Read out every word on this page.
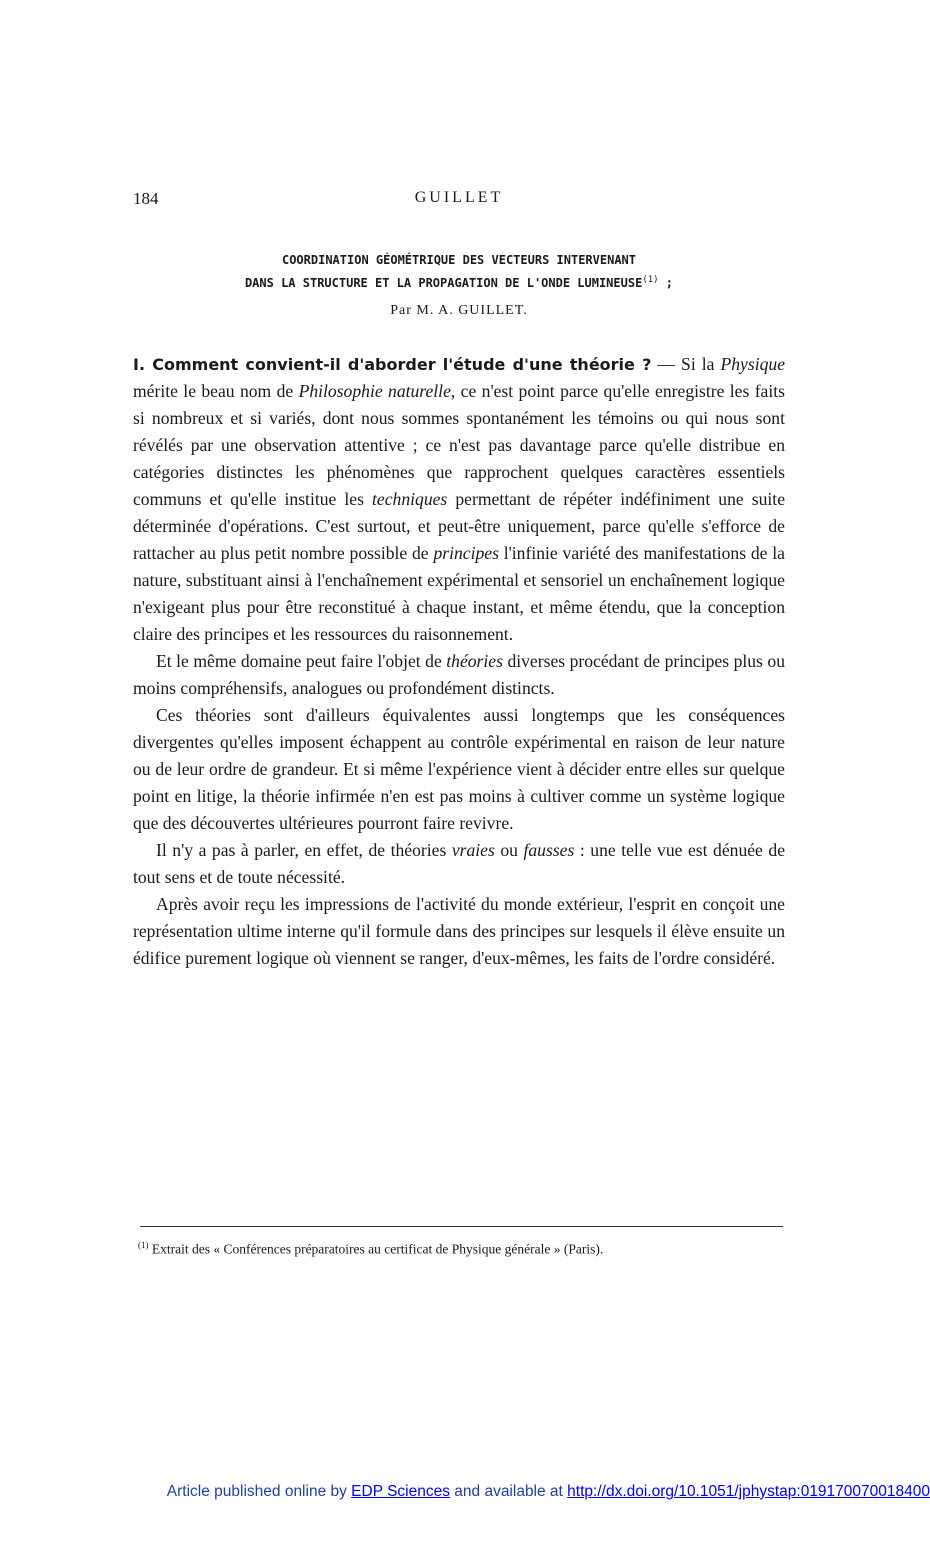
184	GUILLET
COORDINATION GÉOMÉTRIQUE DES VECTEURS INTERVENANT
DANS LA STRUCTURE ET LA PROPAGATION DE L'ONDE LUMINEUSE$^{(1)}$ ;
Par M. A. GUILLET.

I. Comment convient-il d'aborder l'étude d'une théorie ? — Si la Physique mérite le beau nom de Philosophie naturelle, ce n'est point parce qu'elle enregistre les faits si nombreux et si variés, dont nous sommes spontanément les témoins ou qui nous sont révélés par une observation attentive ; ce n'est pas davantage parce qu'elle distribue en catégories distinctes les phénomènes que rapprochent quelques caractères essentiels communs et qu'elle institue les techniques permettant de répéter indéfiniment une suite déterminée d'opérations. C'est surtout, et peut-être uniquement, parce qu'elle s'efforce de rattacher au plus petit nombre possible de principes l'infinie variété des manifestations de la nature, substituant ainsi à l'enchaînement expérimental et sensoriel un enchaînement logique n'exigeant plus pour être reconstitué à chaque instant, et même étendu, que la conception claire des principes et les ressources du raisonnement.

Et le même domaine peut faire l'objet de théories diverses procédant de principes plus ou moins compréhensifs, analogues ou profondément distincts.

Ces théories sont d'ailleurs équivalentes aussi longtemps que les conséquences divergentes qu'elles imposent échappent au contrôle expérimental en raison de leur nature ou de leur ordre de grandeur. Et si même l'expérience vient à décider entre elles sur quelque point en litige, la théorie infirmée n'en est pas moins à cultiver comme un système logique que des découvertes ultérieures pourront faire revivre.

Il n'y a pas à parler, en effet, de théories vraies ou fausses : une telle vue est dénuée de tout sens et de toute nécessité.

Après avoir reçu les impressions de l'activité du monde extérieur, l'esprit en conçoit une représentation ultime interne qu'il formule dans des principes sur lesquels il élève ensuite un édifice purement logique où viennent se ranger, d'eux-mêmes, les faits de l'ordre considéré.

$^{(1)}$ Extrait des « Conférences préparatoires au certificat de Physique générale » (Paris).
Article published online by EDP Sciences and available at http://dx.doi.org/10.1051/jphystap:019170070018400
